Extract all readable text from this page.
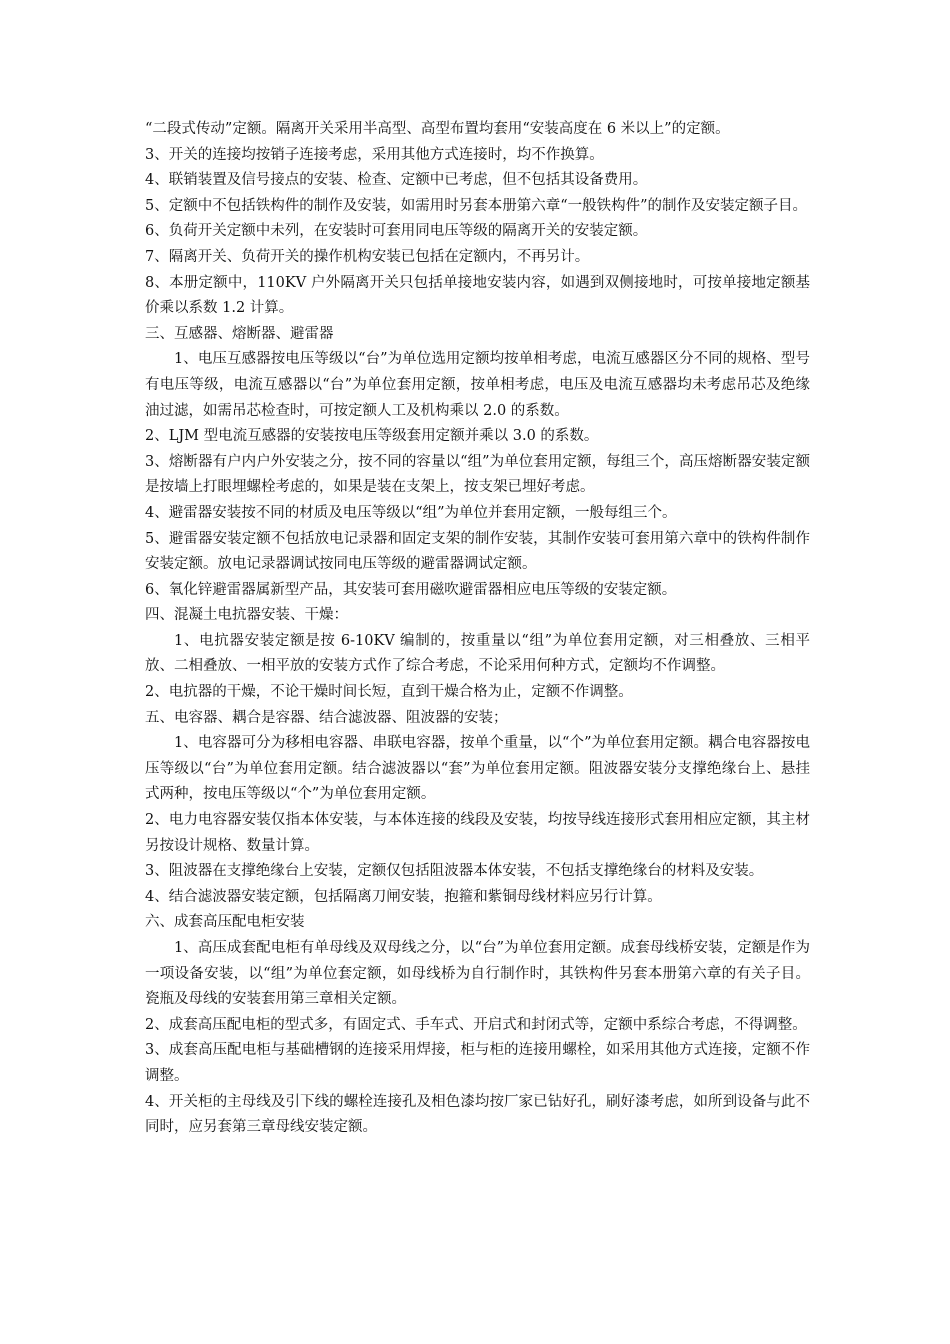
“二段式传动”定额。隔离开关采用半高型、高型布置均套用“安装高度在 6 米以上”的定额。

3、开关的连接均按销子连接考虑，采用其他方式连接时，均不作换算。

4、联销装置及信号接点的安装、检查、定额中已考虑，但不包括其设备费用。

5、定额中不包括铁构件的制作及安装，如需用时另套本册第六章“一般铁构件”的制作及安装定额子目。

6、负荷开关定额中未列，在安装时可套用同电压等级的隔离开关的安装定额。

7、隔离开关、负荷开关的操作机构安装已包括在定额内，不再另计。

8、本册定额中，110KV 户外隔离开关只包括单接地安装内容，如遇到双侧接地时，可按单接地定额基价乘以系数 1.2 计算。

三、互感器、熔断器、避雷器

1、电压互感器按电压等级以“台”为单位选用定额均按单相考虑，电流互感器区分不同的规格、型号有电压等级，电流互感器以“台”为单位套用定额，按单相考虑，电压及电流互感器均未考虑吊芯及绝缘油过滤，如需吊芯检查时，可按定额人工及机构乘以 2.0 的系数。

2、LJM 型电流互感器的安装按电压等级套用定额并乘以 3.0 的系数。

3、熔断器有户内户外安装之分，按不同的容量以“组”为单位套用定额，每组三个，高压熔断器安装定额是按墙上打眼埋螺栓考虑的，如果是装在支架上，按支架已埋好考虑。

4、避雷器安装按不同的材质及电压等级以“组”为单位并套用定额，一般每组三个。

5、避雷器安装定额不包括放电记录器和固定支架的制作安装，其制作安装可套用第六章中的铁构件制作安装定额。放电记录器调试按同电压等级的避雷器调试定额。

6、氧化锌避雷器属新型产品，其安装可套用磁吹避雷器相应电压等级的安装定额。

四、混凝土电抗器安装、干燥：

1、电抗器安装定额是按 6-10KV 编制的，按重量以“组”为单位套用定额，对三相叠放、三相平放、二相叠放、一相平放的安装方式作了综合考虑，不论采用何种方式，定额均不作调整。

2、电抗器的干燥，不论干燥时间长短，直到干燥合格为止，定额不作调整。

五、电容器、耦合是容器、结合滤波器、阻波器的安装；

1、电容器可分为移相电容器、串联电容器，按单个重量，以“个”为单位套用定额。耦合电容器按电压等级以“台”为单位套用定额。结合滤波器以“套”为单位套用定额。阻波器安装分支撑绝缘台上、悬挂式两种，按电压等级以“个”为单位套用定额。

2、电力电容器安装仅指本体安装，与本体连接的线段及安装，均按导线连接形式套用相应定额，其主材另按设计规格、数量计算。

3、阻波器在支撑绝缘台上安装，定额仅包括阻波器本体安装，不包括支撑绝缘台的材料及安装。

4、结合滤波器安装定额，包括隔离刀闸安装，抱箍和紫铜母线材料应另行计算。

六、成套高压配电柜安装

1、高压成套配电柜有单母线及双母线之分，以“台”为单位套用定额。成套母线桥安装，定额是作为一项设备安装，以“组”为单位套定额，如母线桥为自行制作时，其铁构件另套本册第六章的有关子目。瓷瓶及母线的安装套用第三章相关定额。

2、成套高压配电柜的型式多，有固定式、手车式、开启式和封闭式等，定额中系综合考虑，不得调整。

3、成套高压配电柜与基础槽钢的连接采用焊接，柜与柜的连接用螺栓，如采用其他方式连接，定额不作调整。

4、开关柜的主母线及引下线的螺栓连接孔及相色漆均按厂家已钻好孔，刷好漆考虑，如所到设备与此不同时，应另套第三章母线安装定额。
